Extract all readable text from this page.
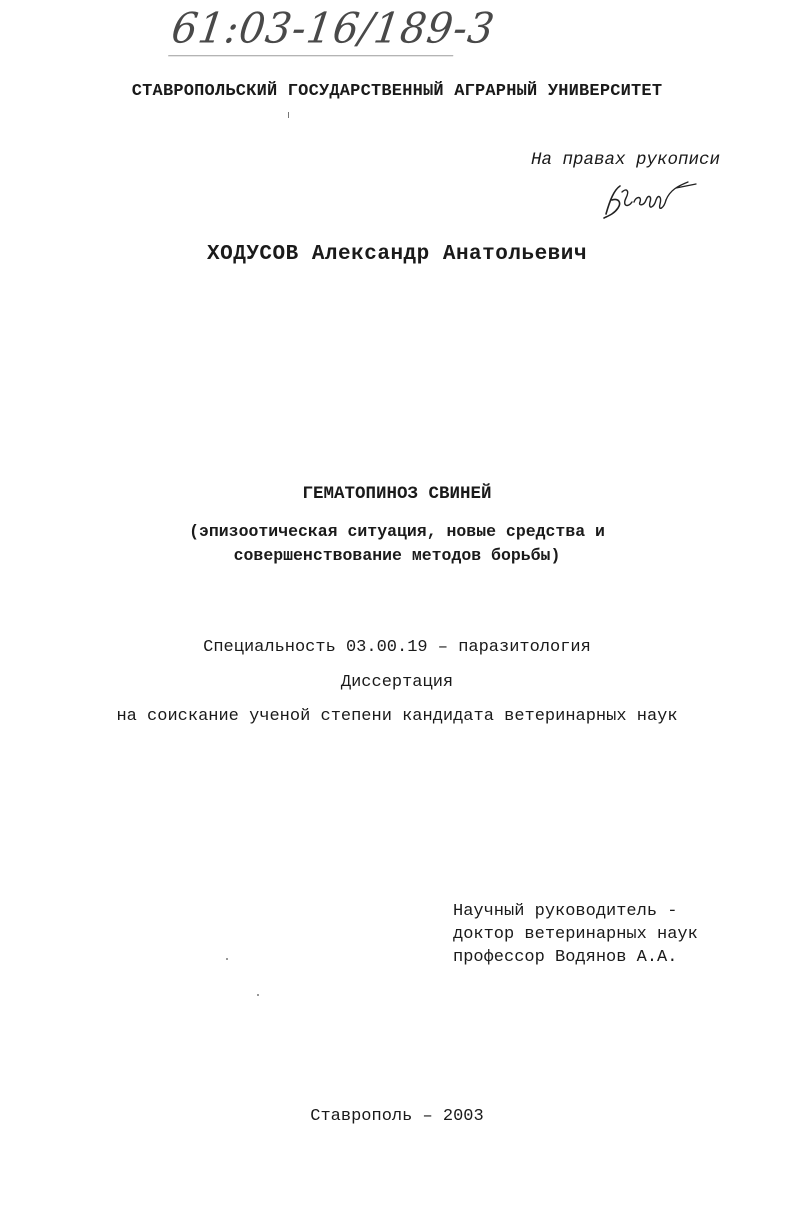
61:03-16/189-3
СТАВРОПОЛЬСКИЙ ГОСУДАРСТВЕННЫЙ АГРАРНЫЙ УНИВЕРСИТЕТ
На правах рукописи
ХОДУСОВ Александр Анатольевич
ГЕМАТОПИНОЗ СВИНЕЙ
(эпизоотическая ситуация, новые средства и
совершенствование методов борьбы)
Специальность 03.00.19 – паразитология
Диссертация
на соискание ученой степени кандидата ветеринарных наук
Научный руководитель -
доктор ветеринарных наук
профессор Водянов А.А.
Ставрополь – 2003
